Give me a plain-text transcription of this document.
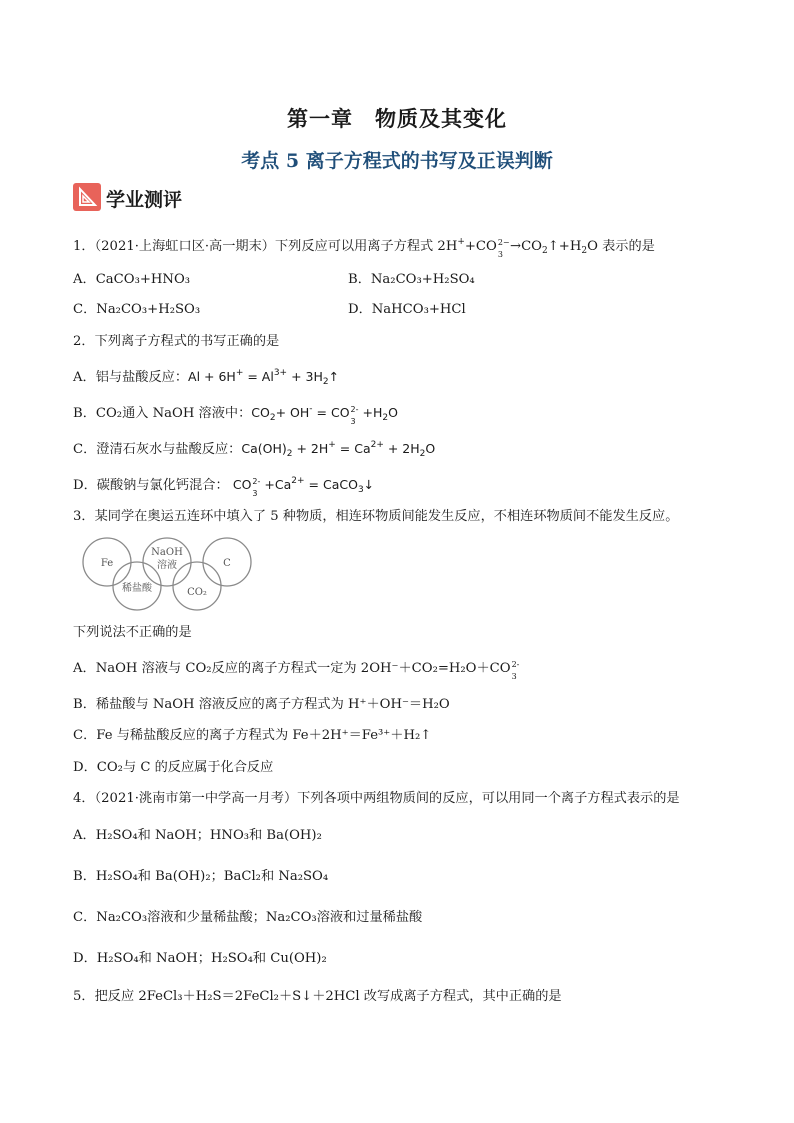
第一章　物质及其变化
考点 5 离子方程式的书写及正误判断
学业测评
1．（2021·上海虹口区·高一期末）下列反应可以用离子方程式 2H++CO 2−
$3 \to CO_2↑+H_2O$ 表示的是
A．CaCO₃+HNO₃	B．Na₂CO₃+H₂SO₄
C．Na₂CO₃+H₂SO₃	D．NaHCO₃+HCl
2．下列离子方程式的书写正确的是
A．铝与盐酸反应：$Al + 6H^+ = Al^{3+}$ + $3H_2↑$
B．CO₂通入 NaOH 溶液中：$CO_2+ OH^-$ = CO 2-
3
$+H_2O$
C．澄清石灰水与盐酸反应：$Ca(OH)_2 + 2H^+ = Ca^{2+} + 2H_2O$
D．碳酸钠与氯化钙混合： CO 2-
3
$+Ca^{2+}$ = CaCO$_3$↓
3．某同学在奥运五连环中填入了 5 种物质，相连环物质间能发生反应，不相连环物质间不能发生反应。
Fe
NaOH
溶液	C
稀盐酸	CO₂
下列说法不正确的是
A．NaOH 溶液与 CO₂反应的离子方程式一定为 2OH⁻＋CO₂=H₂O＋CO 2-
3
B．稀盐酸与 NaOH 溶液反应的离子方程式为 H⁺＋OH⁻＝H₂O
C．Fe 与稀盐酸反应的离子方程式为 Fe＋2H⁺＝Fe³⁺＋H₂↑
D．CO₂与 C 的反应属于化合反应
4．（2021·洮南市第一中学高一月考）下列各项中两组物质间的反应，可以用同一个离子方程式表示的是
A．H₂SO₄和 NaOH；HNO₃和 Ba(OH)₂
B．H₂SO₄和 Ba(OH)₂；BaCl₂和 Na₂SO₄
C．Na₂CO₃溶液和少量稀盐酸；Na₂CO₃溶液和过量稀盐酸
D．H₂SO₄和 NaOH；H₂SO₄和 Cu(OH)₂
5．把反应 2FeCl₃＋H₂S＝2FeCl₂＋S↓＋2HCl 改写成离子方程式，其中正确的是
